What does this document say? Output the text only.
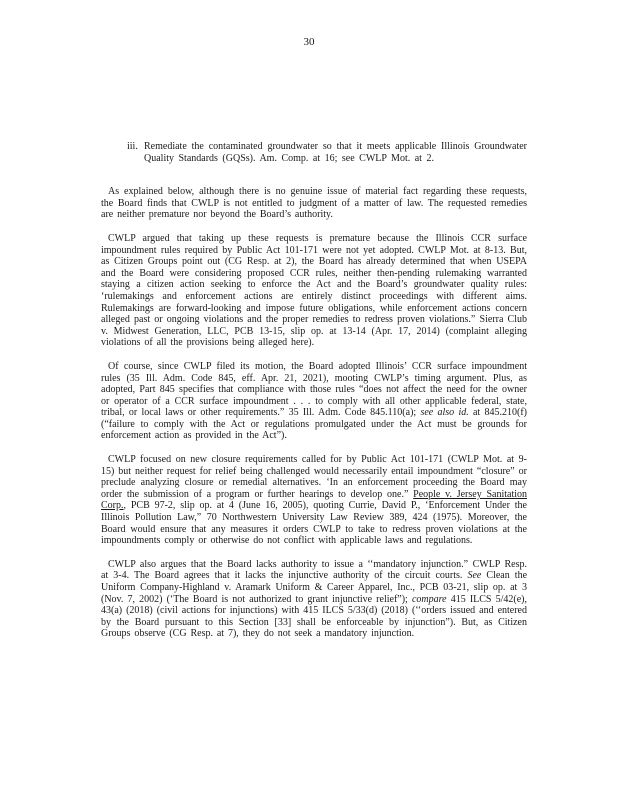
30
iii. Remediate the contaminated groundwater so that it meets applicable Illinois Groundwater Quality Standards (GQSs). Am. Comp. at 16; see CWLP Mot. at 2.

As explained below, although there is no genuine issue of material fact regarding these requests, the Board finds that CWLP is not entitled to judgment of a matter of law. The requested remedies are neither premature nor beyond the Board’s authority.

CWLP argued that taking up these requests is premature because the Illinois CCR surface impoundment rules required by Public Act 101-171 were not yet adopted. CWLP Mot. at 8-13. But, as Citizen Groups point out (CG Resp. at 2), the Board has already determined that when USEPA and the Board were considering proposed CCR rules, neither then-pending rulemaking warranted staying a citizen action seeking to enforce the Act and the Board’s groundwater quality rules: ‘rulemakings and enforcement actions are entirely distinct proceedings with different aims. Rulemakings are forward-looking and impose future obligations, while enforcement actions concern alleged past or ongoing violations and the proper remedies to redress proven violations.” Sierra Club v. Midwest Generation, LLC, PCB 13-15, slip op. at 13-14 (Apr. 17, 2014) (complaint alleging violations of all the provisions being alleged here).

Of course, since CWLP filed its motion, the Board adopted Illinois’ CCR surface impoundment rules (35 Ill. Adm. Code 845, eff. Apr. 21, 2021), mooting CWLP’s timing argument. Plus, as adopted, Part 845 specifies that compliance with those rules “does not affect the need for the owner or operator of a CCR surface impoundment . . . to comply with all other applicable federal, state, tribal, or local laws or other requirements.” 35 Ill. Adm. Code 845.110(a); see also id. at 845.210(f) (“failure to comply with the Act or regulations promulgated under the Act must be grounds for enforcement action as provided in the Act”).

CWLP focused on new closure requirements called for by Public Act 101-171 (CWLP Mot. at 9-15) but neither request for relief being challenged would necessarily entail impoundment “closure” or preclude analyzing closure or remedial alternatives. ‘In an enforcement proceeding the Board may order the submission of a program or further hearings to develop one.” People v. Jersey Sanitation Corp., PCB 97-2, slip op. at 4 (June 16, 2005), quoting Currie, David P., ‘Enforcement Under the Illinois Pollution Law,” 70 Northwestern University Law Review 389, 424 (1975). Moreover, the Board would ensure that any measures it orders CWLP to take to redress proven violations at the impoundments comply or otherwise do not conflict with applicable laws and regulations.

CWLP also argues that the Board lacks authority to issue a ‘‘mandatory injunction.” CWLP Resp. at 3-4. The Board agrees that it lacks the injunctive authority of the circuit courts. See Clean the Uniform Company-Highland v. Aramark Uniform & Career Apparel, Inc., PCB 03-21, slip op. at 3 (Nov. 7, 2002) (‘The Board is not authorized to grant injunctive relief”); compare 415 ILCS 5/42(e), 43(a) (2018) (civil actions for injunctions) with 415 ILCS 5/33(d) (2018) (‘‘orders issued and entered by the Board pursuant to this Section [33] shall be enforceable by injunction”). But, as Citizen Groups observe (CG Resp. at 7), they do not seek a mandatory injunction.
